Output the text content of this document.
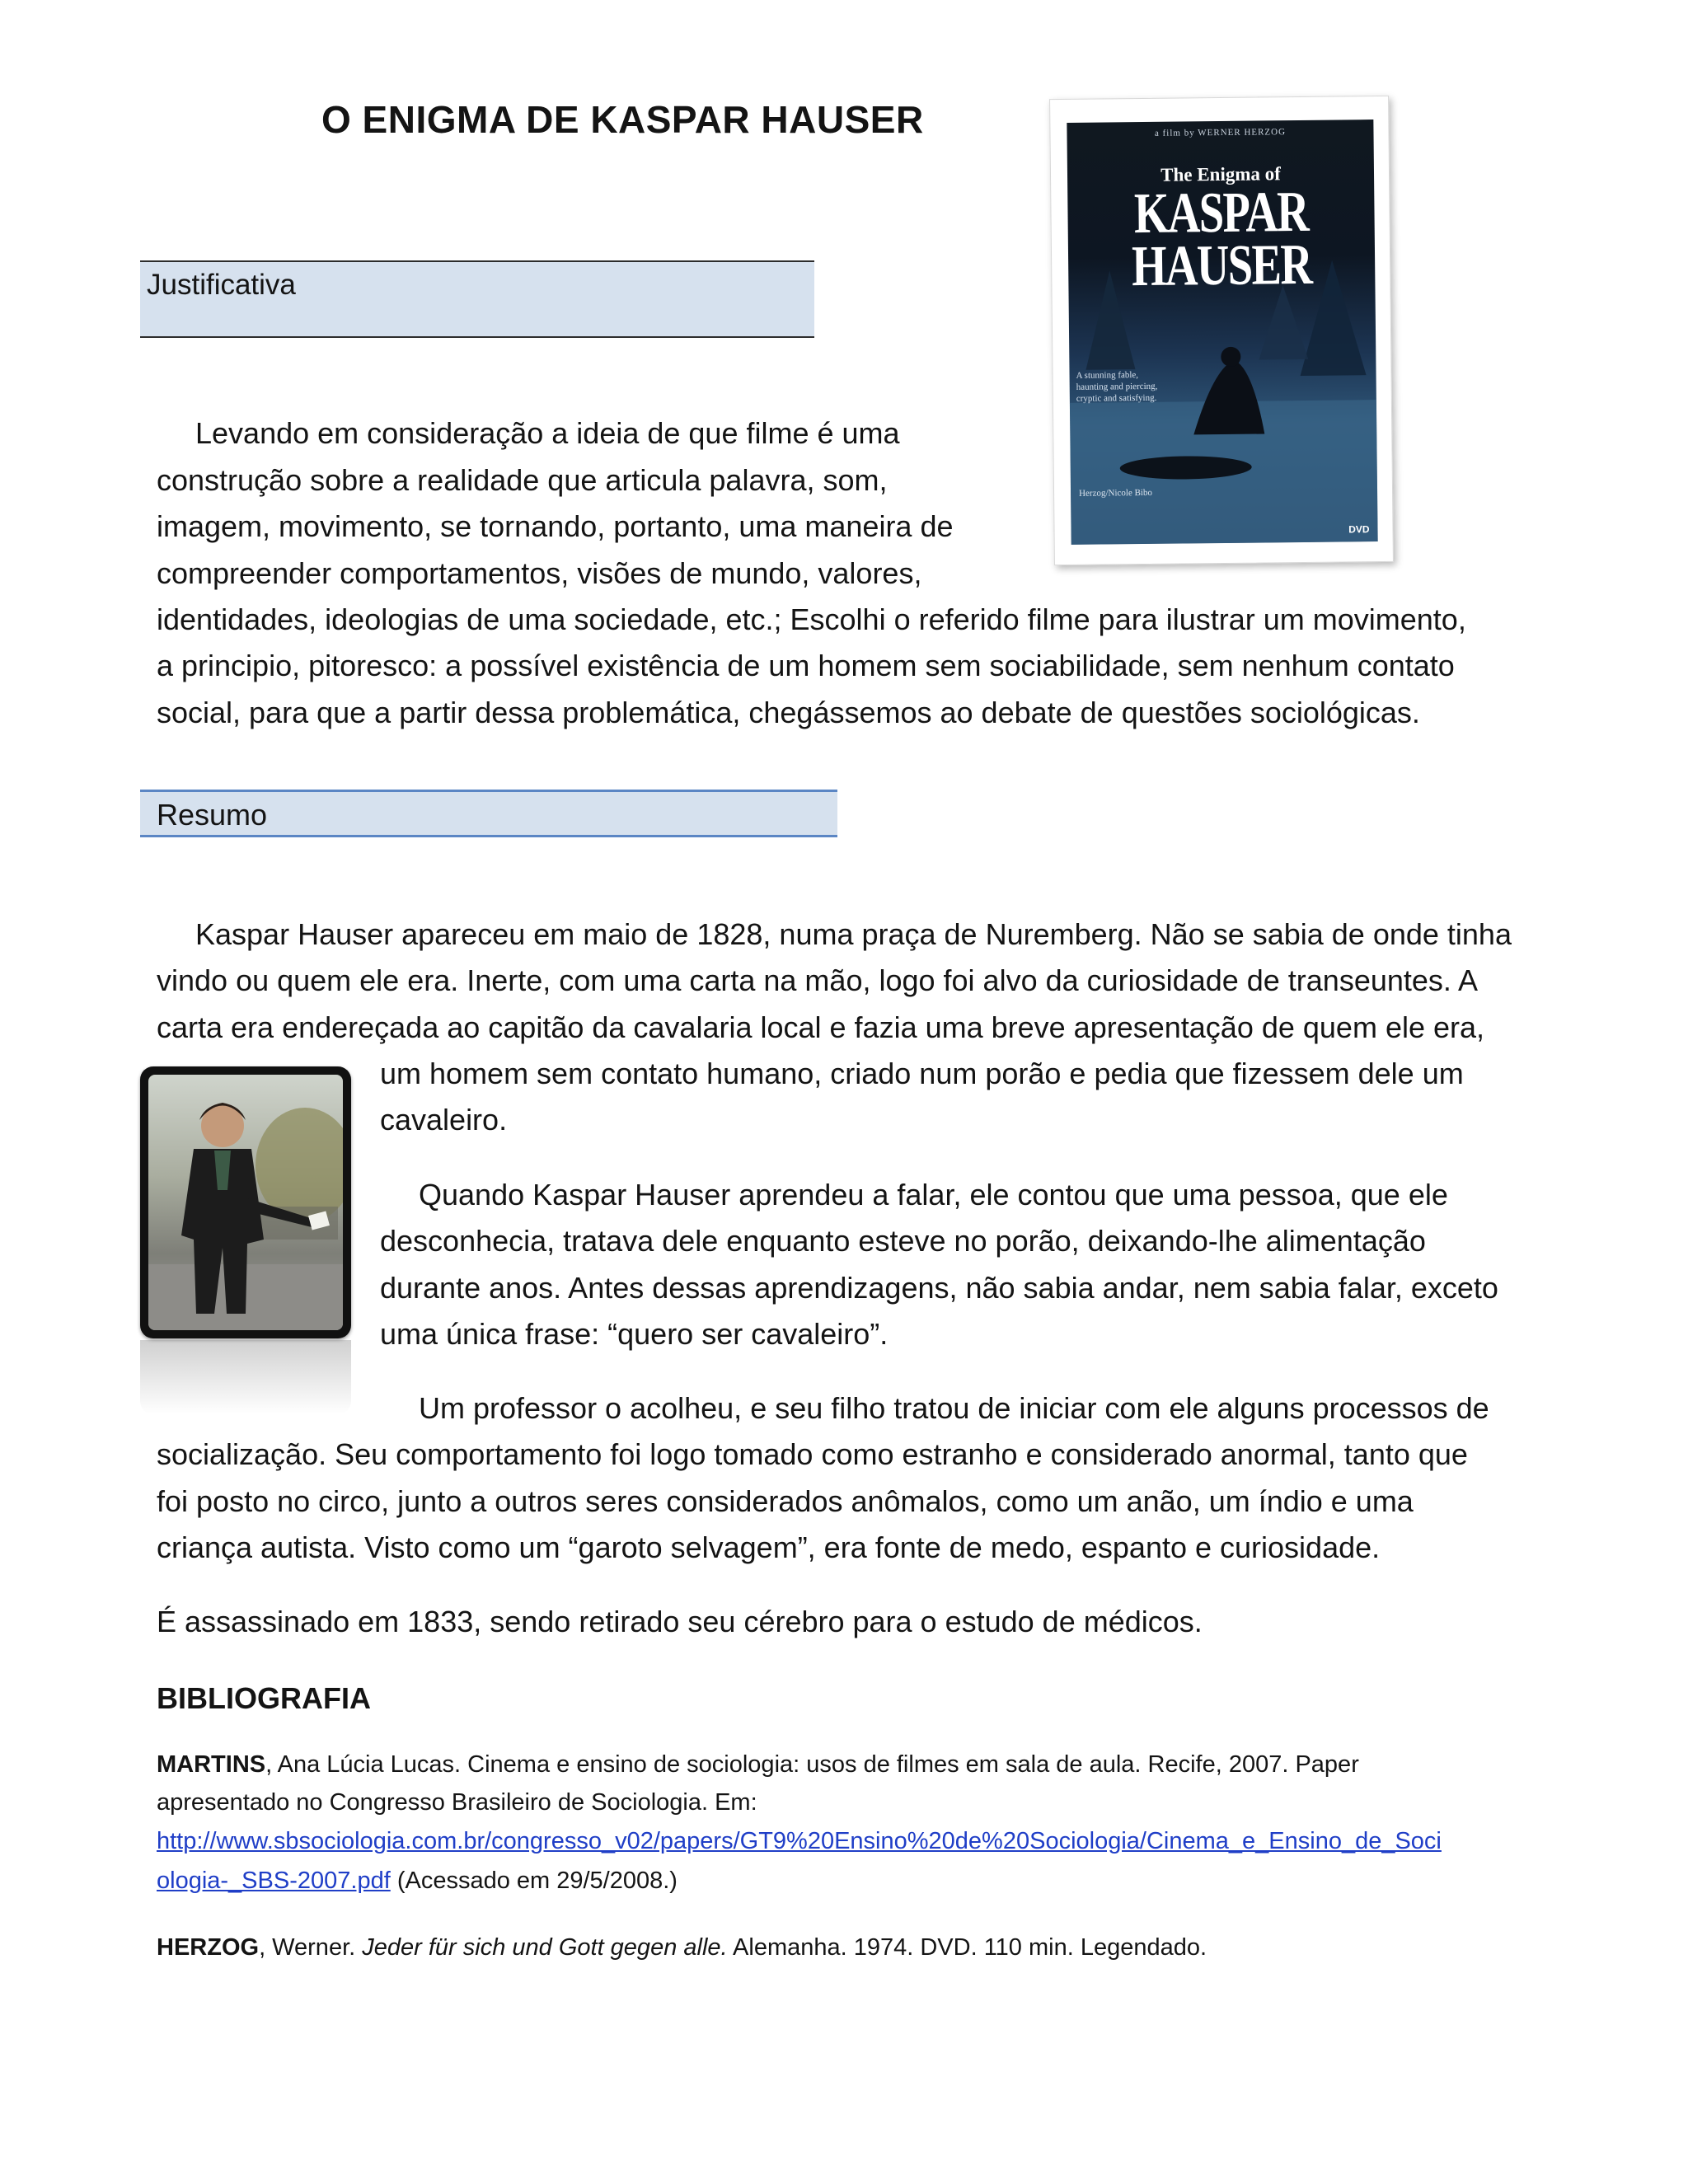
O ENIGMA DE KASPAR HAUSER	a film by WERNER HERZOG
The Enigma of
KASPAR
HAUSER
A stunning fable, haunting and piercing, cryptic and satisfying.
Herzog/Nicole Bibo
DVD
Justificativa
Levando em consideração a ideia de que filme é uma
construção sobre a realidade que articula palavra, som,
imagem, movimento, se tornando, portanto, uma maneira de
compreender comportamentos, visões de mundo, valores,
identidades, ideologias de uma sociedade, etc.; Escolhi o referido filme para ilustrar um movimento,
a principio, pitoresco: a possível existência de um homem sem sociabilidade, sem nenhum contato
social, para que a partir dessa problemática, chegássemos ao debate de questões sociológicas.
Resumo
Kaspar Hauser apareceu em maio de 1828, numa praça de Nuremberg. Não se sabia de onde tinha
vindo ou quem ele era. Inerte, com uma carta na mão, logo foi alvo da curiosidade de transeuntes. A
carta era endereçada ao capitão da cavalaria local e fazia uma breve apresentação de quem ele era,
um homem sem contato humano, criado num porão e pedia que fizessem dele um
cavaleiro.
Quando Kaspar Hauser aprendeu a falar, ele contou que uma pessoa, que ele
desconhecia, tratava dele enquanto esteve no porão, deixando-lhe alimentação
durante anos. Antes dessas aprendizagens, não sabia andar, nem sabia falar, exceto
uma única frase: “quero ser cavaleiro”.
Um professor o acolheu, e seu filho tratou de iniciar com ele alguns processos de
socialização. Seu comportamento foi logo tomado como estranho e considerado anormal, tanto que
foi posto no circo, junto a outros seres considerados anômalos, como um anão, um índio e uma
criança autista. Visto como um “garoto selvagem”, era fonte de medo, espanto e curiosidade.
É assassinado em 1833, sendo retirado seu cérebro para o estudo de médicos.
BIBLIOGRAFIA
MARTINS, Ana Lúcia Lucas. Cinema e ensino de sociologia: usos de filmes em sala de aula. Recife, 2007. Paper
apresentado no Congresso Brasileiro de Sociologia. Em:
http://www.sbsociologia.com.br/congresso_v02/papers/GT9%20Ensino%20de%20Sociologia/Cinema_e_Ensino_de_Soci
ologia-_SBS-2007.pdf (Acessado em 29/5/2008.)
HERZOG, Werner. Jeder für sich und Gott gegen alle. Alemanha. 1974. DVD. 110 min. Legendado.
